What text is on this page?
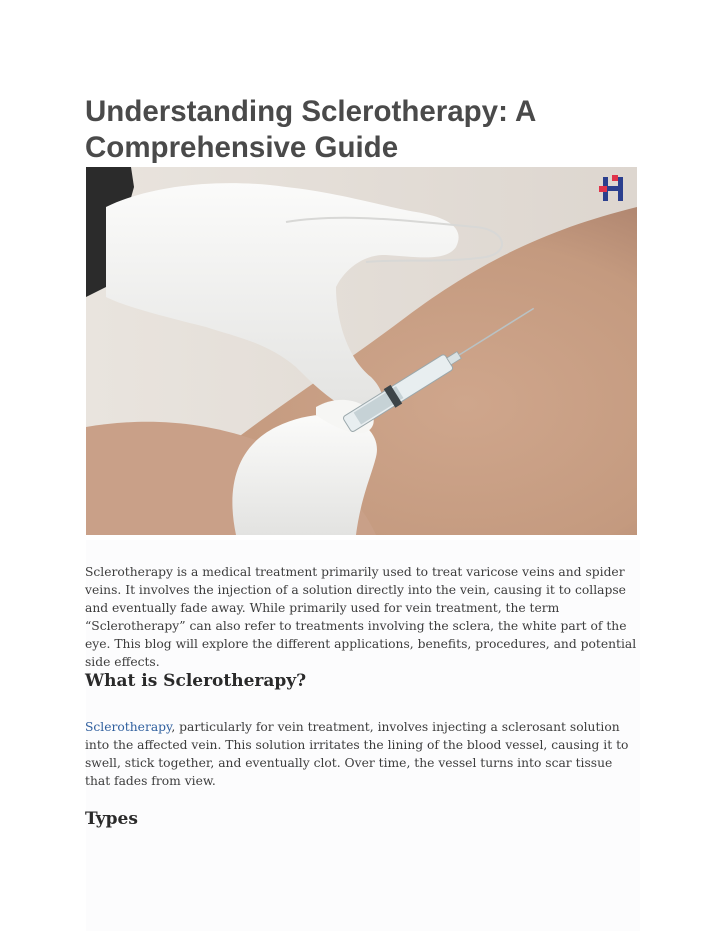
Understanding Sclerotherapy: A Comprehensive Guide

Sclerotherapy is a medical treatment primarily used to treat varicose veins and spider veins. It involves the injection of a solution directly into the vein, causing it to collapse and eventually fade away. While primarily used for vein treatment, the term “Sclerotherapy” can also refer to treatments involving the sclera, the white part of the eye. This blog will explore the different applications, benefits, procedures, and potential side effects.

What is Sclerotherapy?

Sclerotherapy, particularly for vein treatment, involves injecting a sclerosant solution into the affected vein. This solution irritates the lining of the blood vessel, causing it to swell, stick together, and eventually clot. Over time, the vessel turns into scar tissue that fades from view.

Types
